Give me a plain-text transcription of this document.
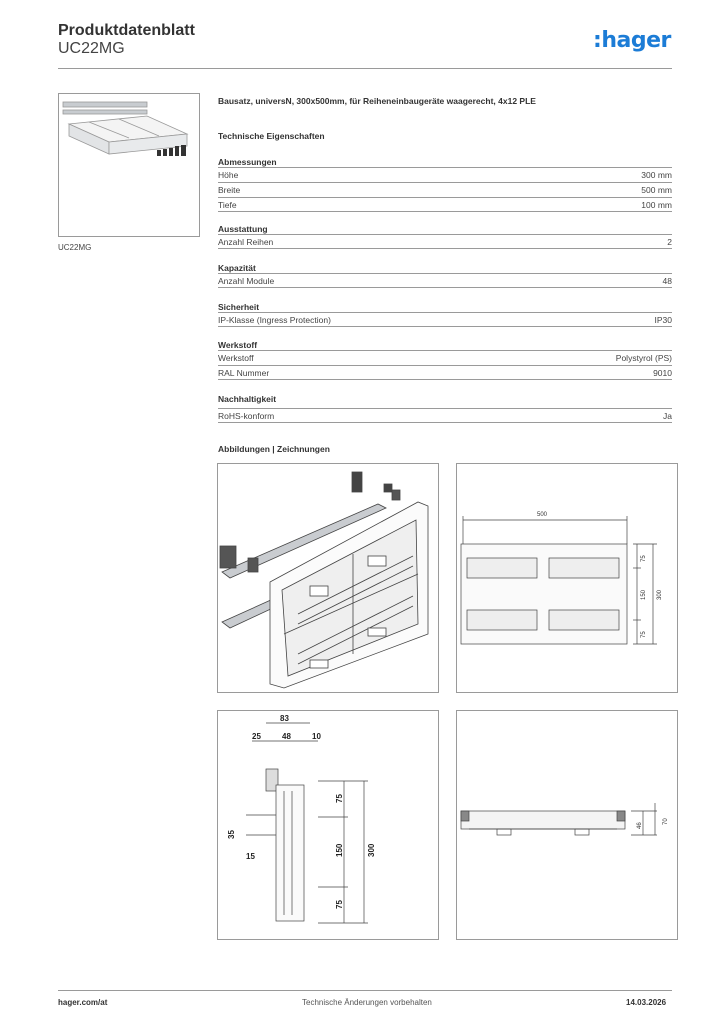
Produktdatenblatt
UC22MG	:hager
UC22MG
Bausatz, universN, 300x500mm, für Reiheneinbaugeräte waagerecht, 4x12 PLE
Technische Eigenschaften
Abmessungen
Höhe	300 mm
Breite	500 mm
Tiefe	100 mm
Ausstattung
Anzahl Reihen	2
Kapazität
Anzahl Module	48
Sicherheit
IP-Klasse (Ingress Protection)	IP30
Werkstoff
Werkstoff	Polystyrol (PS)
RAL Nummer	9010
Nachhaltigkeit
RoHS-konform	Ja
Abbildungen | Zeichnungen
500
75
150
75
300
83
25	48	10
35
15
75
150
75
300
46
70
hager.com/at	Technische Änderungen vorbehalten	14.03.2026
